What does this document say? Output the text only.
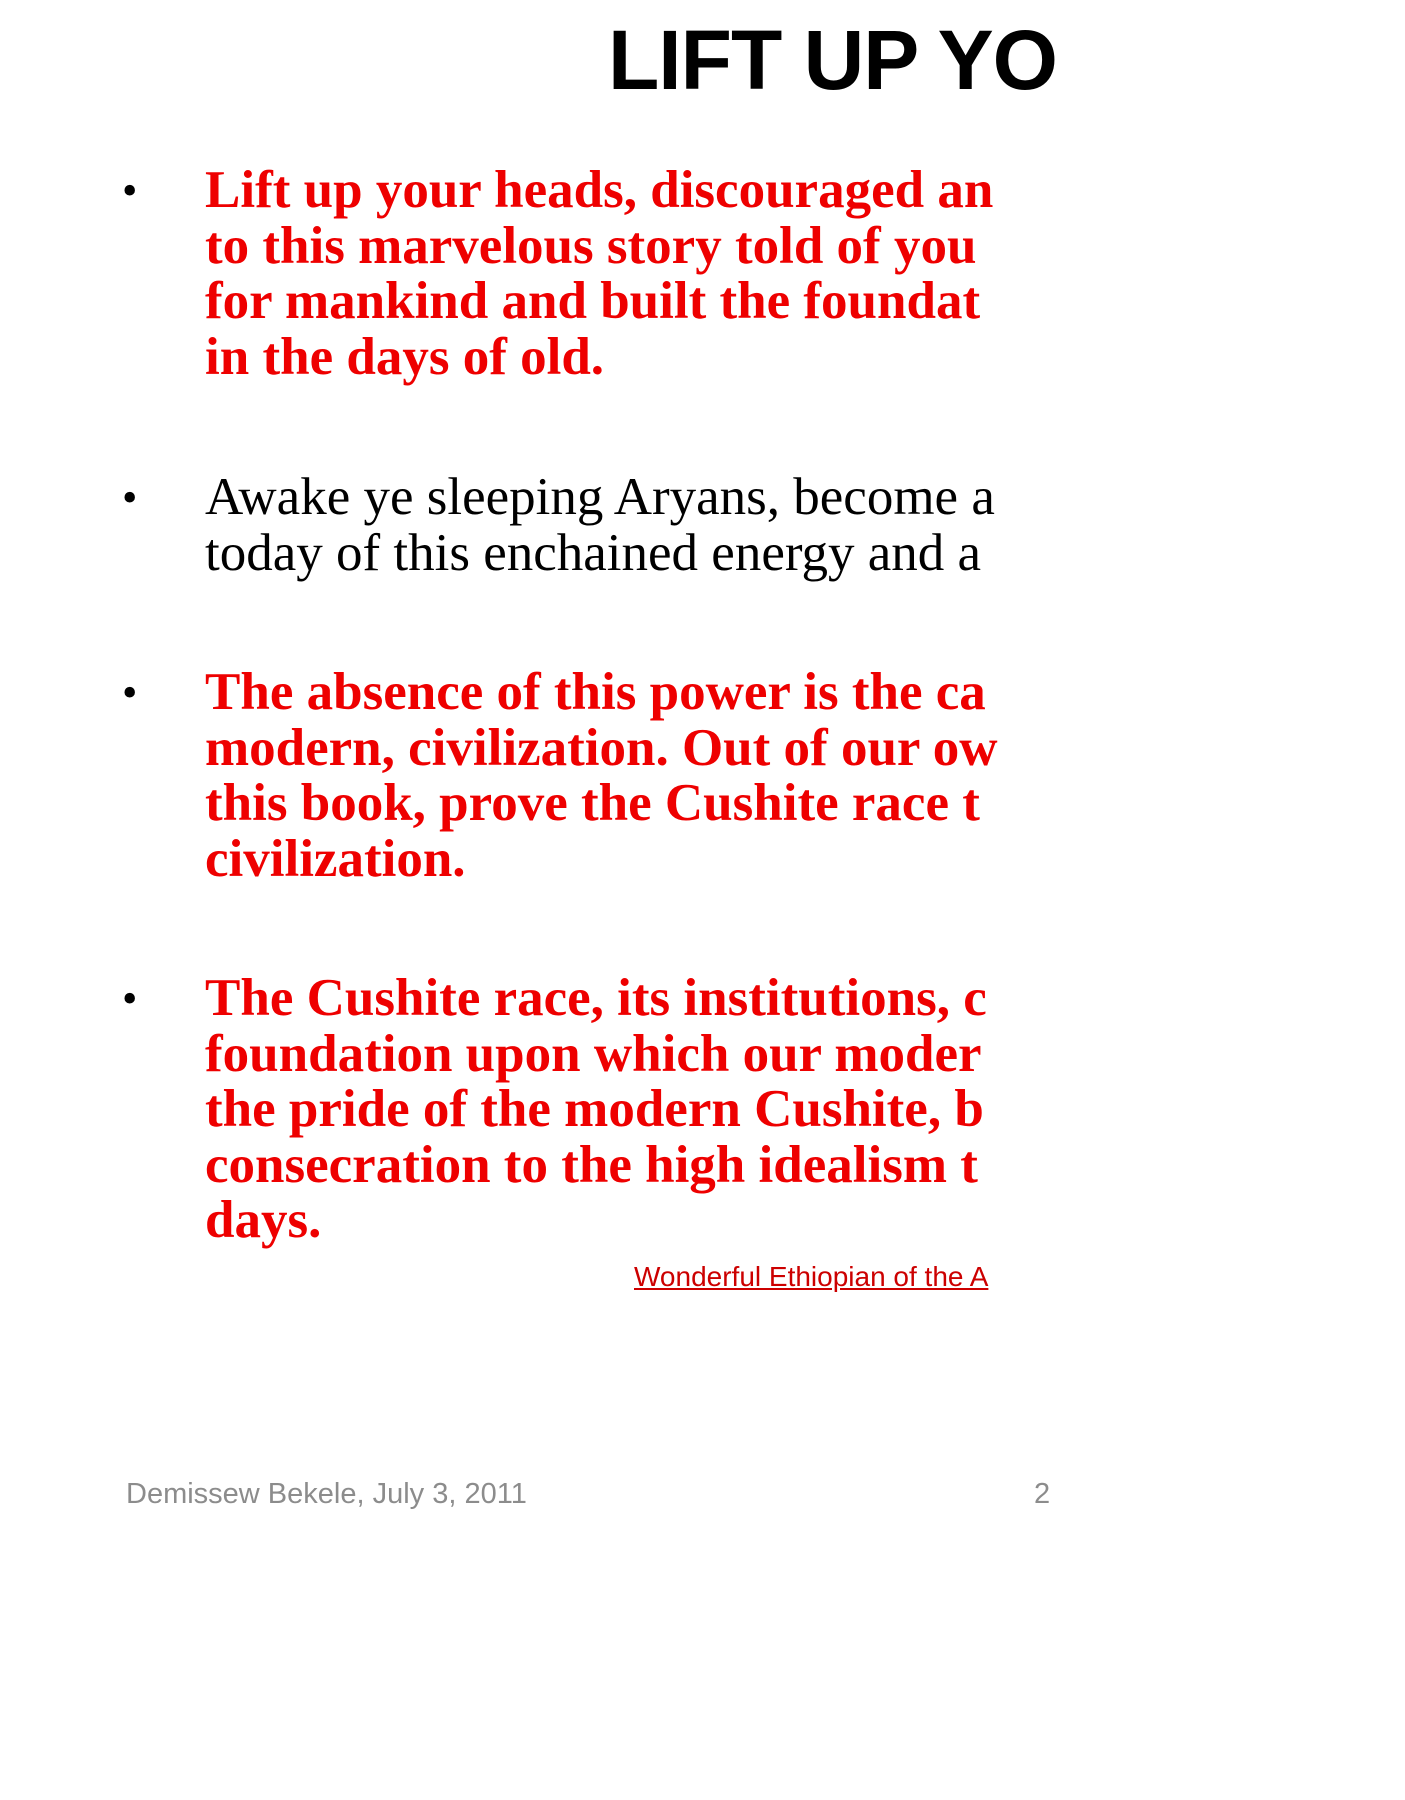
LIFT UP YO
• Lift up your heads, discouraged an
to this marvelous story told of you
for mankind and built the foundat
in the days of old.
• Awake ye sleeping Aryans, become a
today of this enchained energy and a
• The absence of this power is the ca
modern, civilization. Out of our ow
this book, prove the Cushite race t
civilization.
• The Cushite race, its institutions, c
foundation upon which our moder
the pride of the modern Cushite, b
consecration to the high idealism t
days.
Wonderful Ethiopian of the A
Demissew Bekele, July 3, 2011	2
